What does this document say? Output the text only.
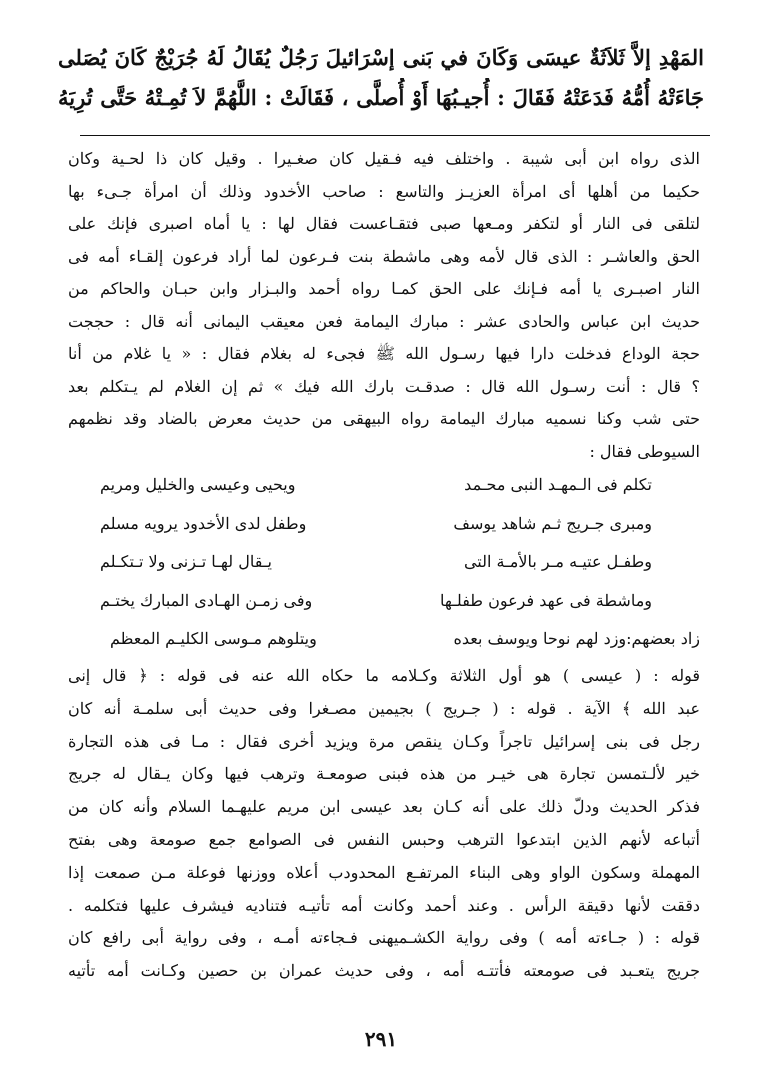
المَهْدِ إلاَّ ثَلاَثَةٌ عيسَى وَكَانَ في بَنى إسْرَائيلَ رَجُلٌ يُقَالُ لَهُ جُرَيْجٌ كَانَ يُصَلى
جَاءَتْهُ أُمُّهُ فَدَعَتْهُ فَقَالَ : أُجيـبُهَا أَوْ أُصلَّى ، فَقَالَتْ : اللَّهُمَّ لاَ تُمِـتْهُ حَتَّى تُرِيَهُ
الذى رواه ابن أبى شيبة . واختلف فيه فـقيل كان صغـيرا . وقيل كان ذا لحـية وكان
حكيما من أهلها أى امرأة العزيـز والتاسع : صاحب الأخدود وذلك أن امرأة جـىء بها
لتلقى فى النار أو لتكفر ومـعها صبى فتقـاعست فقال لها : يا أماه اصبرى فإنك على
الحق والعاشـر : الذى قال لأمه وهى ماشطة بنت فـرعون لما أراد فرعون إلقـاء أمه فى
النار اصبـرى يا أمه فـإنك على الحق كمـا رواه أحمد والبـزار وابن حبـان والحاكم من
حديث ابن عباس والحادى عشر : مبارك اليمامة فعن معيقب اليمانى أنه قال : حججت
حجة الوداع فدخلت دارا فيها رسـول الله ﷺ فجىء له بغلام فقال : « يا غلام من أنا
؟ قال : أنت رسـول الله قال : صدقـت بارك الله فيك » ثم إن الغلام لم يـتكلم بعد
حتى شب وكنا نسميه مبارك اليمامة رواه البيهقى من حديث معرض بالضاد وقد نظمهم
السيوطى فقال :
تكلم فى الـمهـد النبى محـمد
ويحيى وعيسى والخليل ومريم
ومبرى جـريج ثـم شاهد يوسف
وطفل لدى الأخدود يرويه مسلم
وطفـل عتيـه مـر بالأمـة التى
يـقال لهـا تـزنى ولا تـتكـلم
وماشطة فى عهد فرعون طفلـها
وفى زمـن الهـادى المبارك يختـم
زاد بعضهم:وزد لهم نوحا ويوسف بعده
ويتلوهم مـوسى الكليـم المعظم
قوله : ( عيسى ) هو أول الثلاثة وكـلامه ما حكاه الله عنه فى قوله : ﴿ قال إنى
عبد الله ﴾ الآية . قوله : ( جـريج ) بجيمين مصـغرا وفى حديث أبى سلمـة أنه كان
رجل فى بنى إسرائيل تاجراً وكـان ينقص مرة ويزيد أخرى فقال : مـا فى هذه التجارة
خير لألـتمسن تجارة هى خيـر من هذه فبنى صومعـة وترهب فيها وكان يـقال له جريج
فذكر الحديث ودلّ ذلك على أنه كـان بعد عيسى ابن مريم عليهـما السلام وأنه كان من
أتباعه لأنهم الذين ابتدعوا الترهب وحبس النفس فى الصوامع جمع صومعة وهى بفتح
المهملة وسكون الواو وهى البناء المرتفـع المحدودب أعلاه ووزنها فوعلة مـن صمعت إذا
دققت لأنها دقيقة الرأس . وعند أحمد وكانت أمه تأتيـه فتناديه فيشرف عليها فتكلمه .
قوله : ( جـاءته أمه ) وفى رواية الكشـميهنى فـجاءته أمـه ، وفى رواية أبى رافع كان
جريج يتعـبد فى صومعته فأتتـه أمه ، وفى حديث عمران بن حصين وكـانت أمه تأتيه
٢٩١
